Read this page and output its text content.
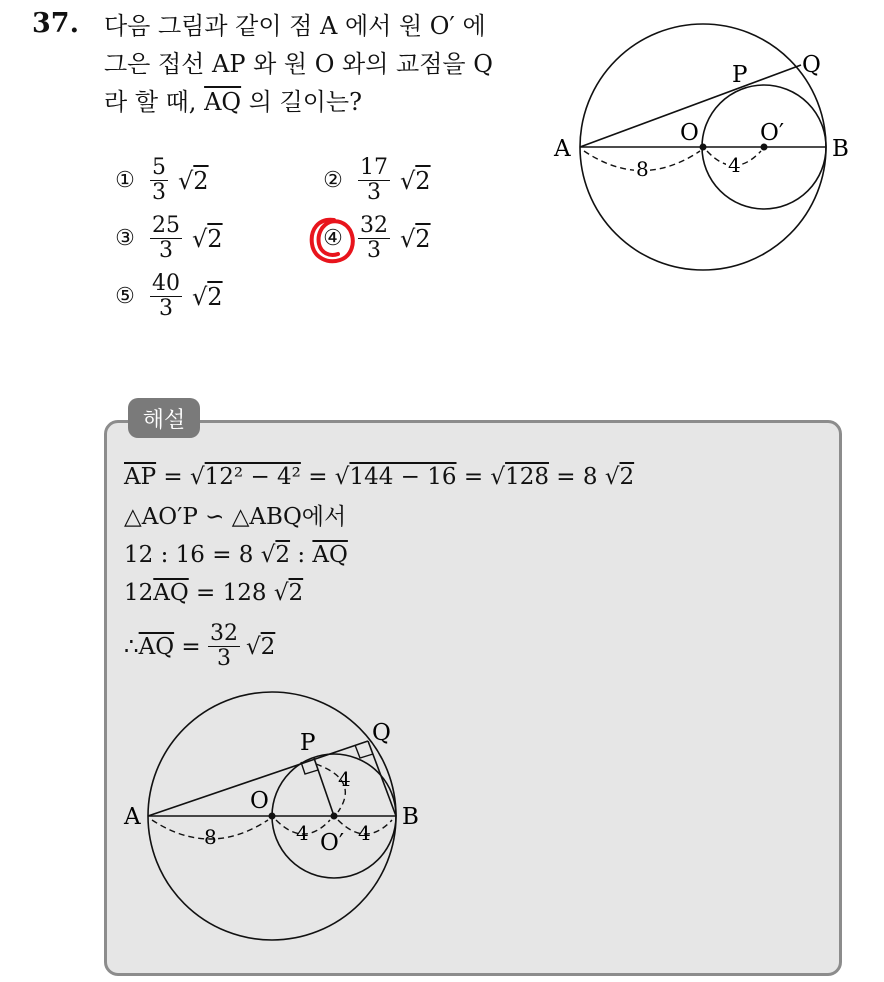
37. 다음 그림과 같이 점 A 에서 원 O′ 에
그은 접선 AP 와 원 O 와의 교점을 Q
라 할 때, $\overline{AQ}$ 의 길이는?
① $\frac{5}{3} √2$	② $\frac{17}{3} √2$
③ $\frac{25}{3} √2$	④ $\frac{32}{3} √2$
⑤ $\frac{40}{3} √2$
A	B
O	O′
P Q
8	4
해설
$\overline{AP} = √12^2 - 4^2 = √144 - 16 = √128 = 8$ √2
△AO′P ∽ △ABQ에서
12 : 16 = 8 √2 : $\overline{AQ}$
$12\overline{AQ} = 128$ √2
∴ $\overline{AQ} = \frac{32}{3}$ √ 2
A	B
O
O′
P Q
8	4 4
4
